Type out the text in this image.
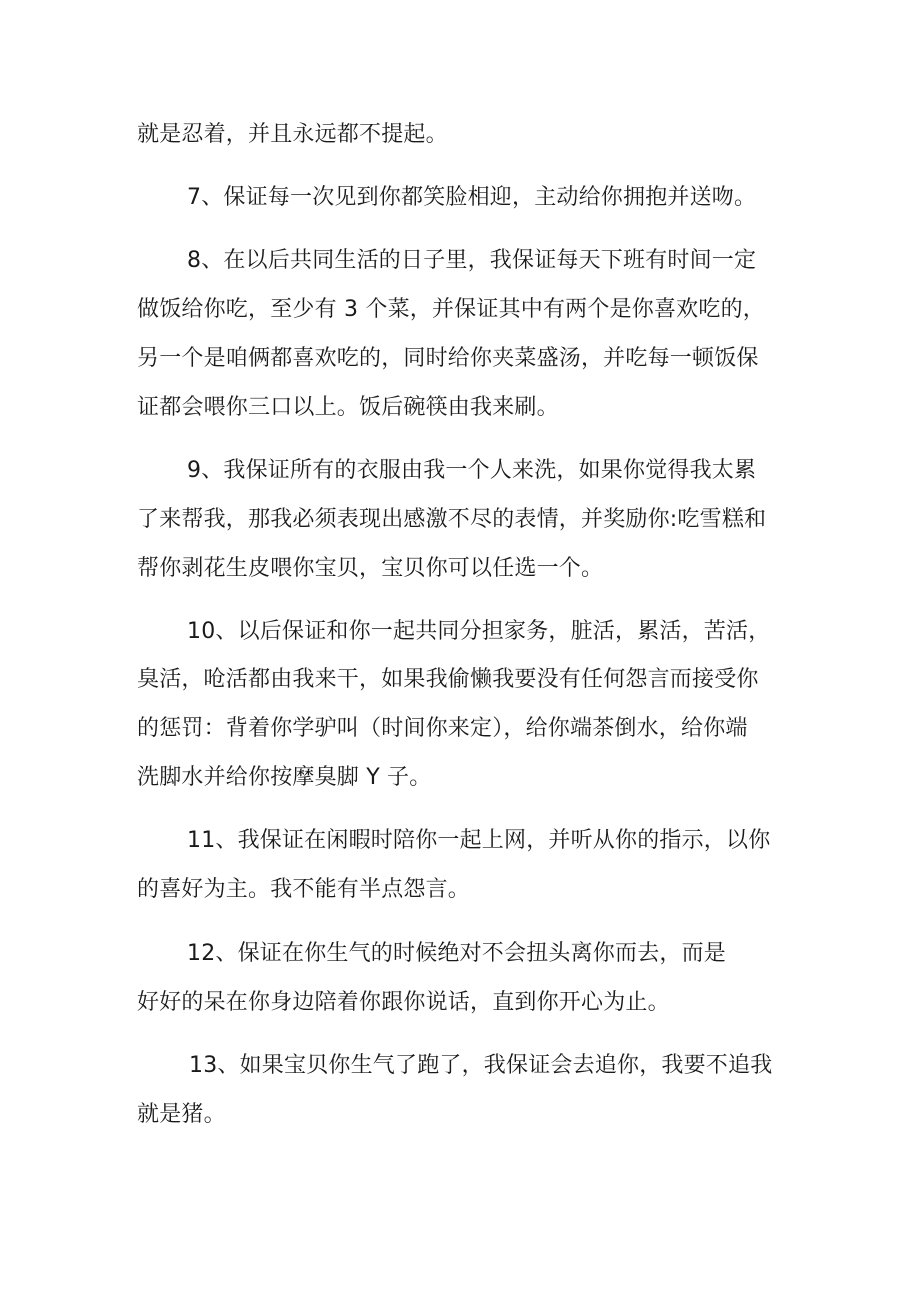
就是忍着，并且永远都不提起。

7、保证每一次见到你都笑脸相迎，主动给你拥抱并送吻。

8、在以后共同生活的日子里，我保证每天下班有时间一定

做饭给你吃，至少有 3 个菜，并保证其中有两个是你喜欢吃的，

另一个是咱俩都喜欢吃的，同时给你夹菜盛汤，并吃每一顿饭保

证都会喂你三口以上。饭后碗筷由我来刷。

9、我保证所有的衣服由我一个人来洗，如果你觉得我太累

了来帮我，那我必须表现出感激不尽的表情，并奖励你:吃雪糕和

帮你剥花生皮喂你宝贝，宝贝你可以任选一个。

10、以后保证和你一起共同分担家务，脏活，累活，苦活，

臭活，呛活都由我来干，如果我偷懒我要没有任何怨言而接受你

的惩罚：背着你学驴叫（时间你来定），给你端茶倒水，给你端

洗脚水并给你按摩臭脚 Y 子。

11、我保证在闲暇时陪你一起上网，并听从你的指示，以你

的喜好为主。我不能有半点怨言。

12、保证在你生气的时候绝对不会扭头离你而去，而是

好好的呆在你身边陪着你跟你说话，直到你开心为止。

13、如果宝贝你生气了跑了，我保证会去追你，我要不追我

就是猪。
